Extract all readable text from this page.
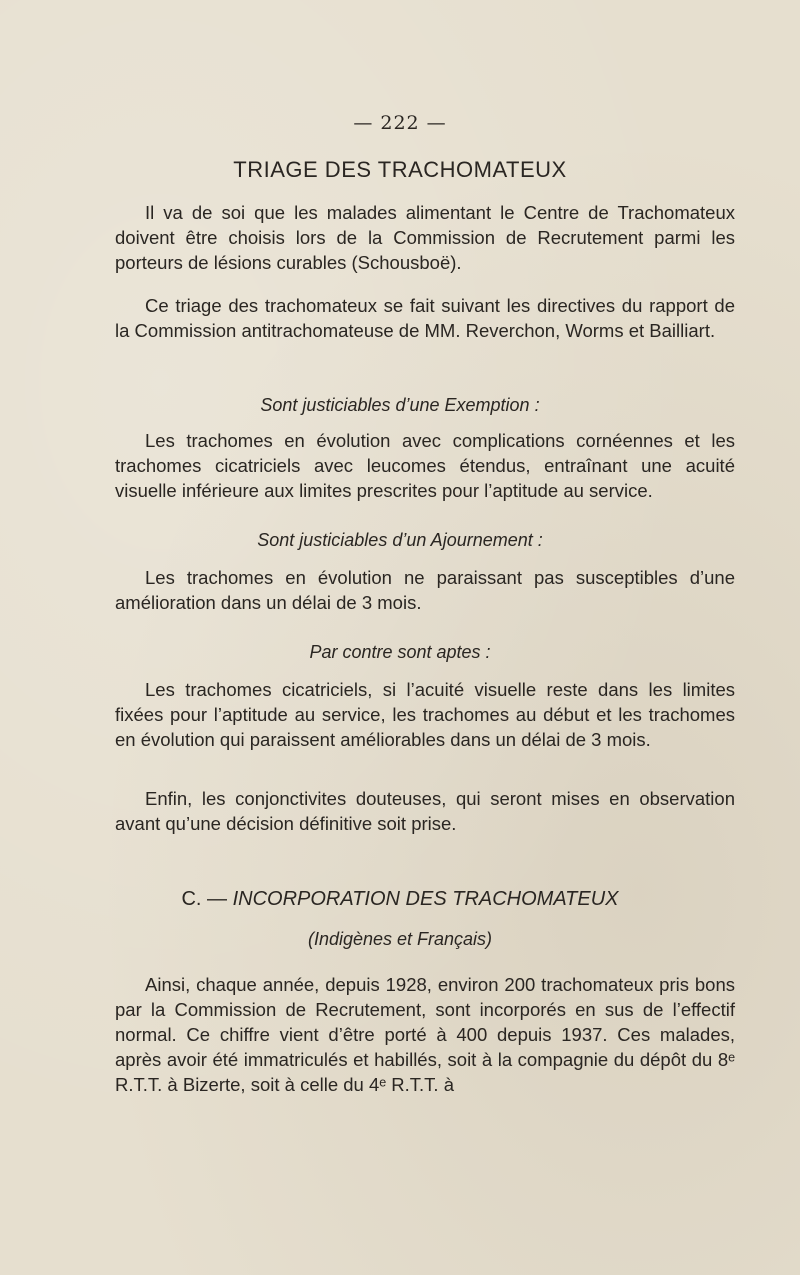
— 222 —
TRIAGE DES TRACHOMATEUX

Il va de soi que les malades alimentant le Centre de Trachomateux doivent être choisis lors de la Commission de Recrutement parmi les porteurs de lésions curables (Schousboë).

Ce triage des trachomateux se fait suivant les directives du rapport de la Commission antitrachomateuse de MM. Reverchon, Worms et Bailliart.

Sont justiciables d’une Exemption :

Les trachomes en évolution avec complications cornéennes et les trachomes cicatriciels avec leucomes étendus, entraînant une acuité visuelle inférieure aux limites prescrites pour l’aptitude au service.

Sont justiciables d’un Ajournement :

Les trachomes en évolution ne paraissant pas susceptibles d’une amélioration dans un délai de 3 mois.

Par contre sont aptes :

Les trachomes cicatriciels, si l’acuité visuelle reste dans les limites fixées pour l’aptitude au service, les trachomes au début et les trachomes en évolution qui paraissent améliorables dans un délai de 3 mois.

Enfin, les conjonctivites douteuses, qui seront mises en observation avant qu’une décision définitive soit prise.

C. — INCORPORATION DES TRACHOMATEUX
(Indigènes et Français)

Ainsi, chaque année, depuis 1928, environ 200 trachomateux pris bons par la Commission de Recrutement, sont incorporés en sus de l’effectif normal. Ce chiffre vient d’être porté à 400 depuis 1937. Ces malades, après avoir été immatriculés et habillés, soit à la compagnie du dépôt du 8ᵉ R.T.T. à Bizerte, soit à celle du 4ᵉ R.T.T. à
